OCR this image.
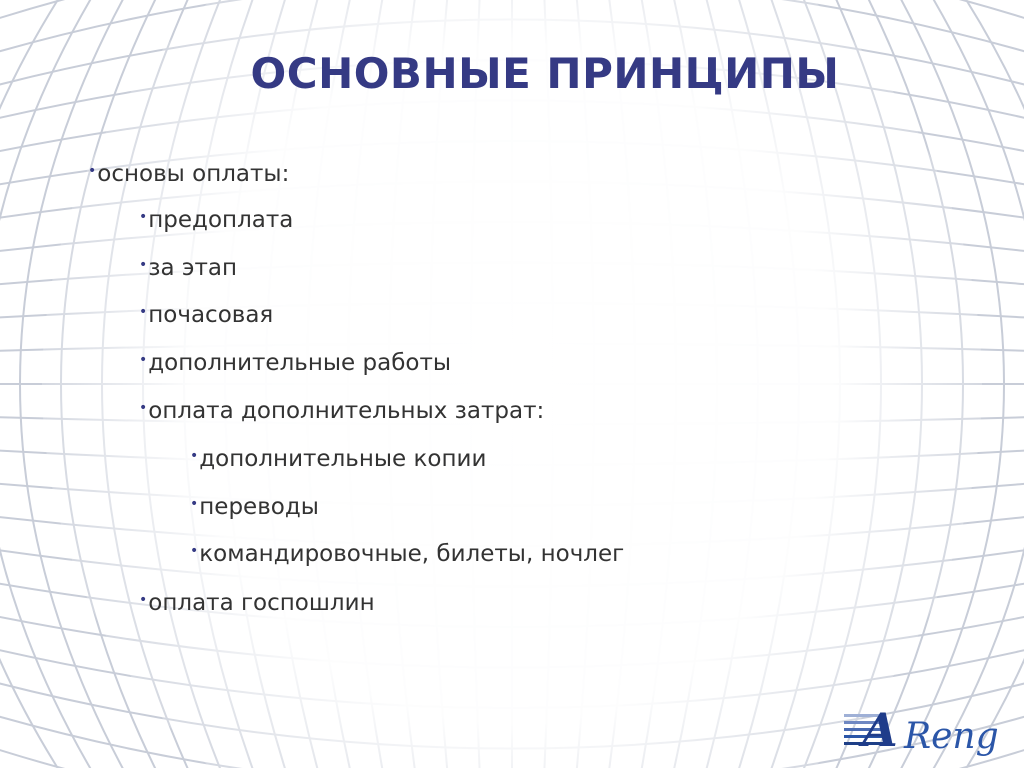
ОСНОВНЫЕ ПРИНЦИПЫ
•основы оплаты:
•предоплата
•за этап
•почасовая
•дополнительные работы
•оплата дополнительных затрат:
•дополнительные копии
•переводы
•командировочные, билеты, ночлег
•оплата госпошлин
A Reng
